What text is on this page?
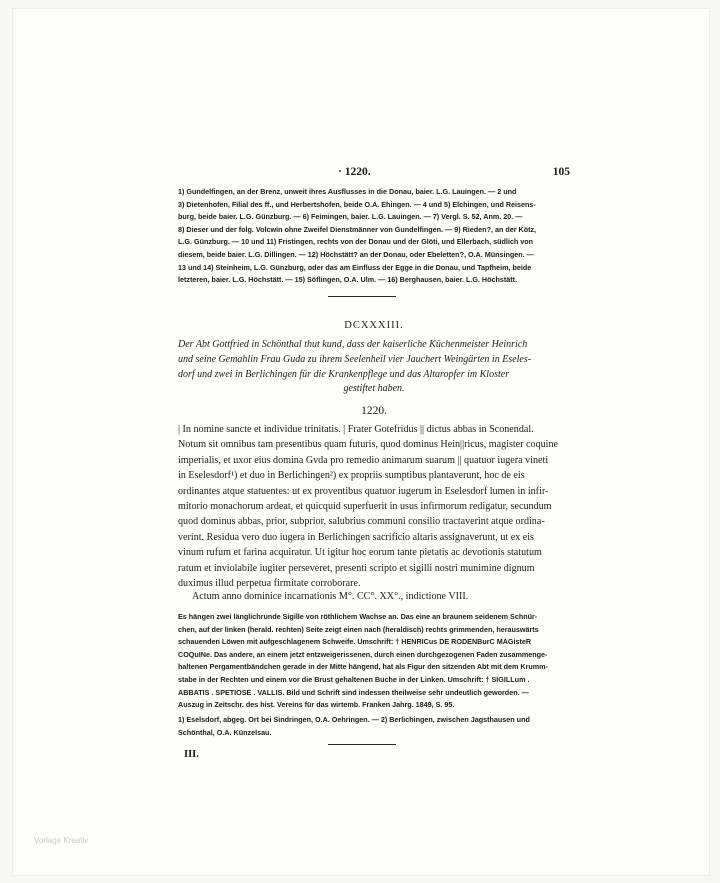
· 1220.	105
1) Gundelfingen, an der Brenz, unweit ihres Ausflusses in die Donau, baier. L.G. Lauingen. — 2 und
3) Dietenhofen, Filial des ff., und Herbertshofen, beide O.A. Ehingen. — 4 und 5) Elchingen, und Reisens-
burg, beide baier. L.G. Günzburg. — 6) Feimingen, baier. L.G. Lauingen. — 7) Vergl. S. 52, Anm. 20. —
8) Dieser und der folg. Volcwin ohne Zweifel Dienstmänner von Gundelfingen. — 9) Rieden?, an der Kötz,
L.G. Günzburg. — 10 und 11) Fristingen, rechts von der Donau und der Glöti, und Ellerbach, südlich von
diesem, beide baier. L.G. Dillingen. — 12) Höchstätt? an der Donau, oder Ebeletten?, O.A. Münsingen. —
13 und 14) Steinheim, L.G. Günzburg, oder das am Einfluss der Egge in die Donau, und Tapfheim, beide
letzteren, baier. L.G. Höchstätt. — 15) Söflingen, O.A. Ulm. — 16) Berghausen, baier. L.G. Höchstätt.
DCXXXIII.
Der Abt Gottfried in Schönthal thut kund, dass der kaiserliche Küchenmeister Heinrich
und seine Gemahlin Frau Guda zu ihrem Seelenheil vier Jauchert Weingärten in Eseles-
dorf und zwei in Berlichingen für die Krankenpflege und das Altaropfer im Kloster
gestiftet haben.
1220.
| In nomine sancte et individue trinitatis. | Frater Gotefridus || dictus abbas in Sconendal.
Notum sit omnibus tam presentibus quam futuris, quod dominus Hein||ricus, magister coquine
imperialis, et uxor eius domina Gvda pro remedio animarum suarum || quatuor iugera vineti
in Eselesdorf¹) et duo in Berlichingen²) ex propriis sumptibus plantaverunt, hoc de eis
ordinantes atque statuentes: ut ex proventibus quatuor iugerum in Eselesdorf lumen in infir-
mitorio monachorum ardeat, et quicquid superfuerit in usus infirmorum redigatur, secundum
quod dominus abbas, prior, subprior, salubrius communi consilio tractaverint atque ordina-
verint. Residua vero duo iugera in Berlichingen sacrificio altaris assignaverunt, ut ex eis
vinum rufum et farina acquiratur. Ut igitur hoc eorum tante pietatis ac devotionis statutum
ratum et inviolabile iugiter perseveret, presenti scripto et sigilli nostri munimine dignum
duximus illud perpetua firmitate corroborare.
Actum anno dominice incarnationis M°. CC°. XX°., indictione VIII.
Es hängen zwei länglichrunde Sigille von röthlichem Wachse an. Das eine an braunem seidenem Schnür-
chen, auf der linken (herald. rechten) Seite zeigt einen nach (heraldisch) rechts grimmenden, herauswärts
schauenden Löwen mit aufgeschlagenem Schweife. Umschrift: † HENRICus DE RODENBurC MAGisteR
COQuINe. Das andere, an einem jetzt entzweigerissenen, durch einen durchgezogenen Faden zusammenge-
haltenen Pergamentbändchen gerade in der Mitte hängend, hat als Figur den sitzenden Abt mit dem Krumm-
stabe in der Rechten und einem vor die Brust gehaltenen Buche in der Linken. Umschrift: † SIGILLum .
ABBATIS . SPETIOSE . VALLIS. Bild und Schrift sind indessen theilweise sehr undeutlich geworden. —
Auszug in Zeitschr. des hist. Vereins für das wirtemb. Franken Jahrg. 1849, S. 95.
1) Eselsdorf, abgeg. Ort bei Sindringen, O.A. Oehringen. — 2) Berlichingen, zwischen Jagsthausen und
Schönthal, O.A. Künzelsau.
III.
Vorlage Kreativ
